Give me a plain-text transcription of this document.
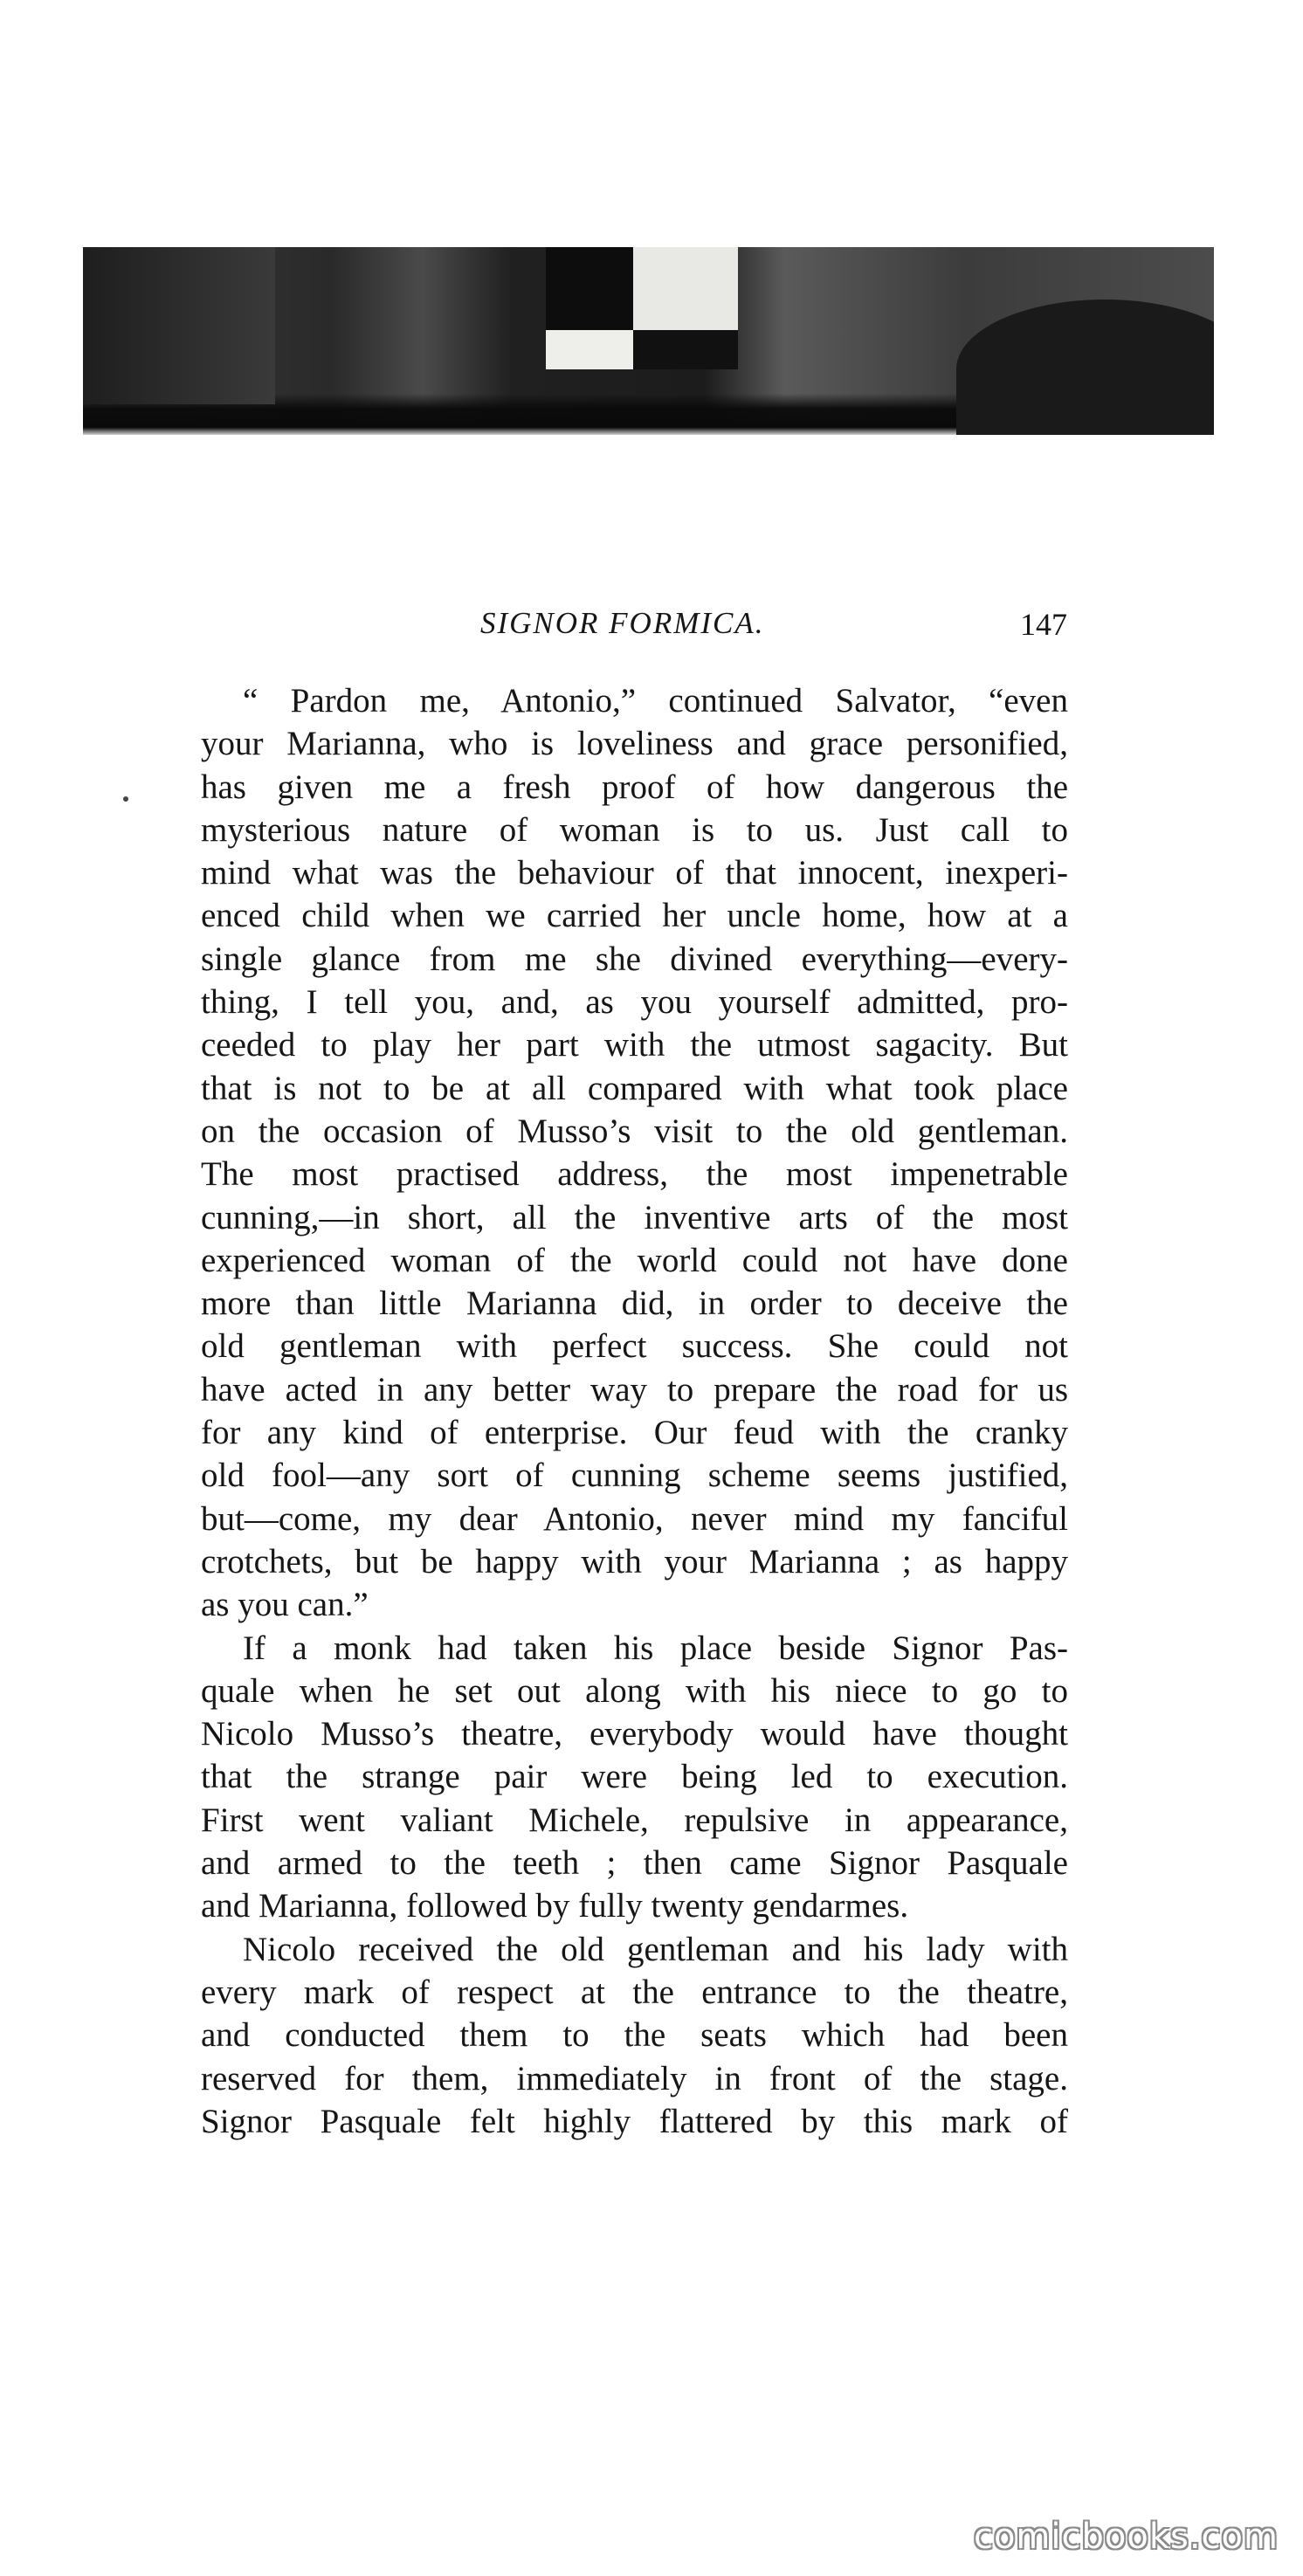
SIGNOR FORMICA.	147
“ Pardon me, Antonio,” continued Salvator, “even
your Marianna, who is loveliness and grace personified,
has given me a fresh proof of how dangerous the
mysterious nature of woman is to us. Just call to
mind what was the behaviour of that innocent, inexperi-
enced child when we carried her uncle home, how at a
single glance from me she divined everything—every-
thing, I tell you, and, as you yourself admitted, pro-
ceeded to play her part with the utmost sagacity. But
that is not to be at all compared with what took place
on the occasion of Musso’s visit to the old gentleman.
The most practised address, the most impenetrable
cunning,—in short, all the inventive arts of the most
experienced woman of the world could not have done
more than little Marianna did, in order to deceive the
old gentleman with perfect success. She could not
have acted in any better way to prepare the road for us
for any kind of enterprise. Our feud with the cranky
old fool—any sort of cunning scheme seems justified,
but—come, my dear Antonio, never mind my fanciful
crotchets, but be happy with your Marianna ; as happy
as you can.”
If a monk had taken his place beside Signor Pas-
quale when he set out along with his niece to go to
Nicolo Musso’s theatre, everybody would have thought
that the strange pair were being led to execution.
First went valiant Michele, repulsive in appearance,
and armed to the teeth ; then came Signor Pasquale
and Marianna, followed by fully twenty gendarmes.
Nicolo received the old gentleman and his lady with
every mark of respect at the entrance to the theatre,
and conducted them to the seats which had been
reserved for them, immediately in front of the stage.
Signor Pasquale felt highly flattered by this mark of
comicbooks.com
